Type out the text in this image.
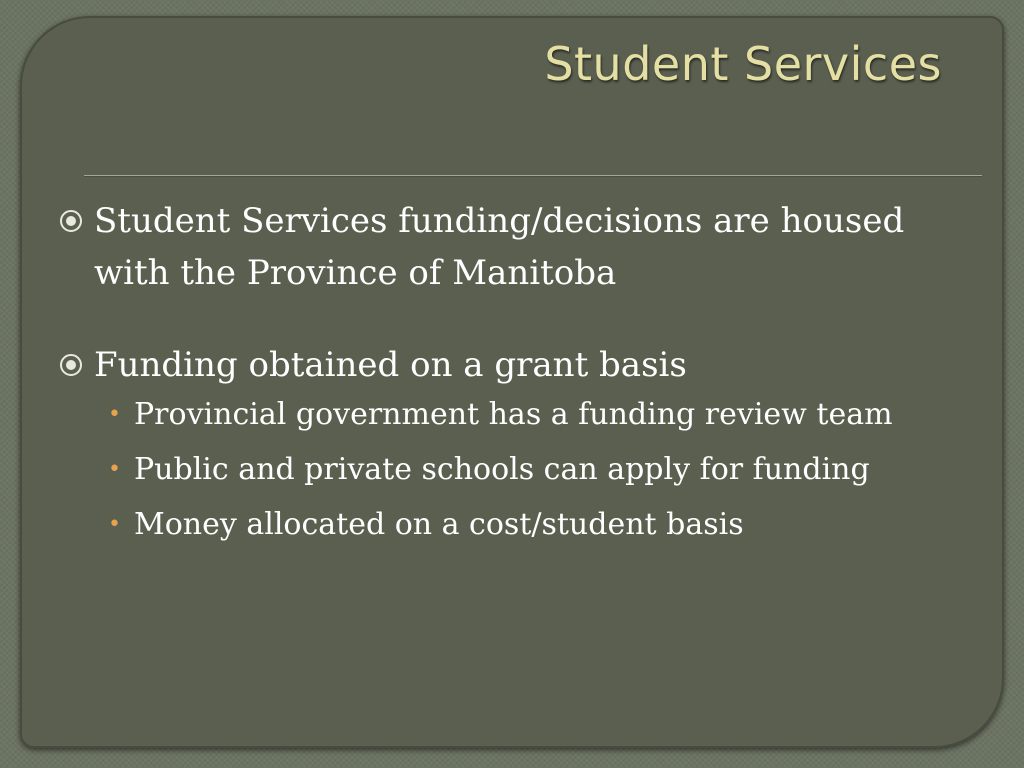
Student Services
Student Services funding/decisions are housed with the Province of Manitoba
Funding obtained on a grant basis
• Provincial government has a funding review team
• Public and private schools can apply for funding
• Money allocated on a cost/student basis
